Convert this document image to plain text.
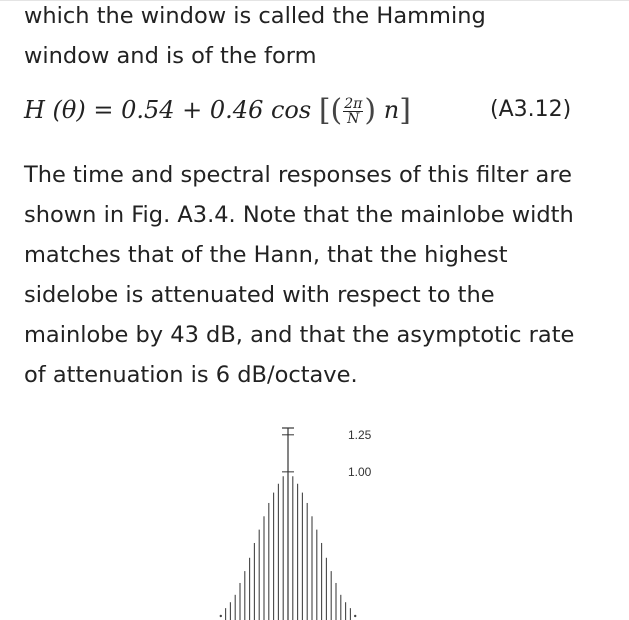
which the window is called the Hamming
window and is of the form

H (θ) = 0.54 + 0.46 cos [( $\frac{2\pi}{N}$ ) n]	(A3.12)

The time and spectral responses of this filter are
shown in Fig. A3.4. Note that the mainlobe width
matches that of the Hann, that the highest
sidelobe is attenuated with respect to the
mainlobe by 43 dB, and that the asymptotic rate
of attenuation is 6 dB/octave.

1.25
1.00
